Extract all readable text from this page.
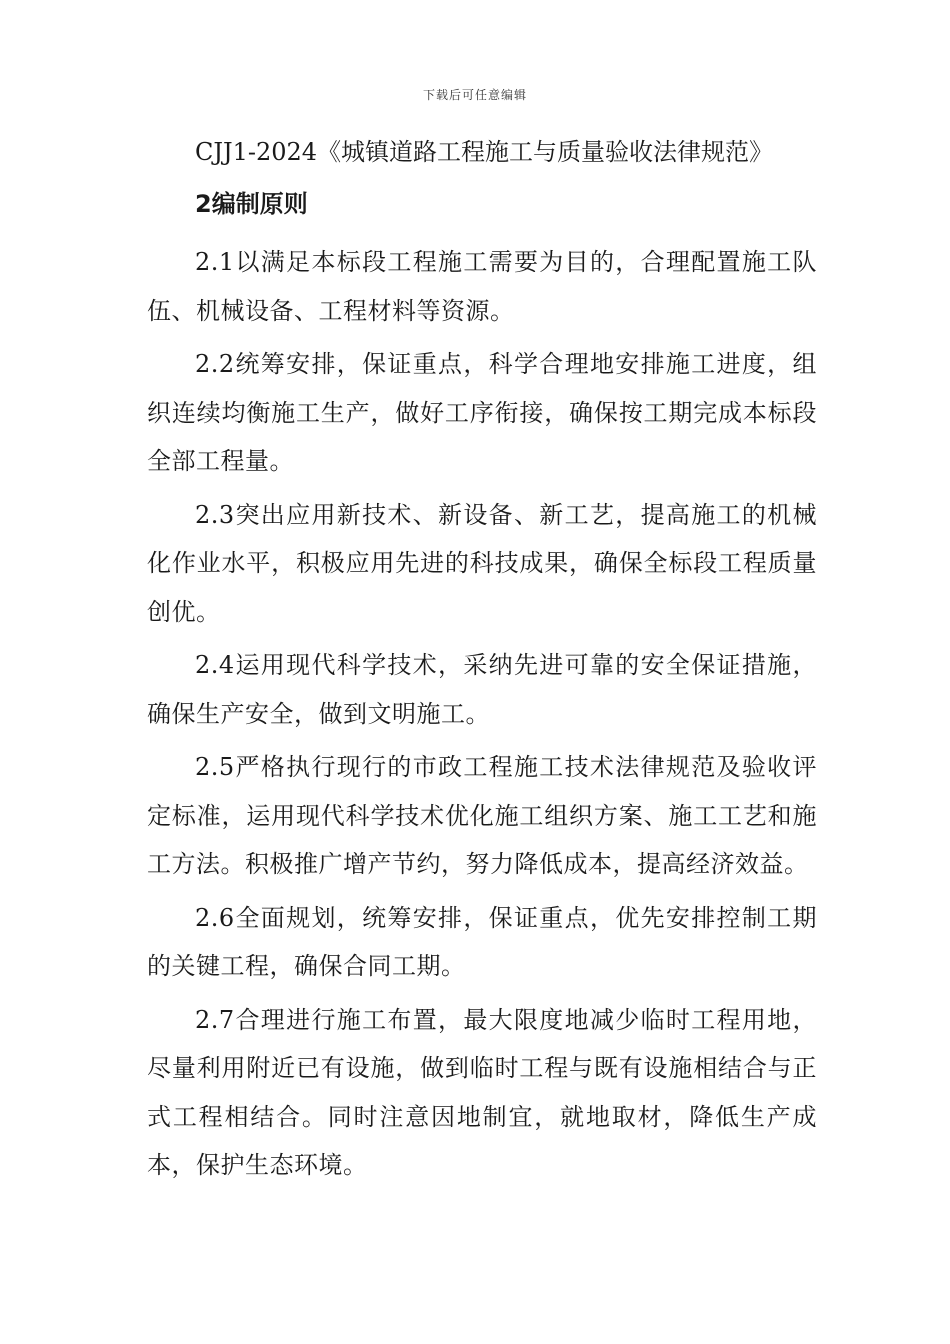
下载后可任意编辑

CJJ1-2024《城镇道路工程施工与质量验收法律规范》

2编制原则

2.1以满足本标段工程施工需要为目的，合理配置施工队伍、机械设备、工程材料等资源。

2.2统筹安排，保证重点，科学合理地安排施工进度，组织连续均衡施工生产，做好工序衔接，确保按工期完成本标段全部工程量。

2.3突出应用新技术、新设备、新工艺，提高施工的机械化作业水平，积极应用先进的科技成果，确保全标段工程质量创优。

2.4运用现代科学技术，采纳先进可靠的安全保证措施，确保生产安全，做到文明施工。

2.5严格执行现行的市政工程施工技术法律规范及验收评定标准，运用现代科学技术优化施工组织方案、施工工艺和施工方法。积极推广增产节约，努力降低成本，提高经济效益。

2.6全面规划，统筹安排，保证重点，优先安排控制工期的关键工程，确保合同工期。

2.7合理进行施工布置，最大限度地减少临时工程用地，尽量利用附近已有设施，做到临时工程与既有设施相结合与正式工程相结合。同时注意因地制宜，就地取材，降低生产成本，保护生态环境。
